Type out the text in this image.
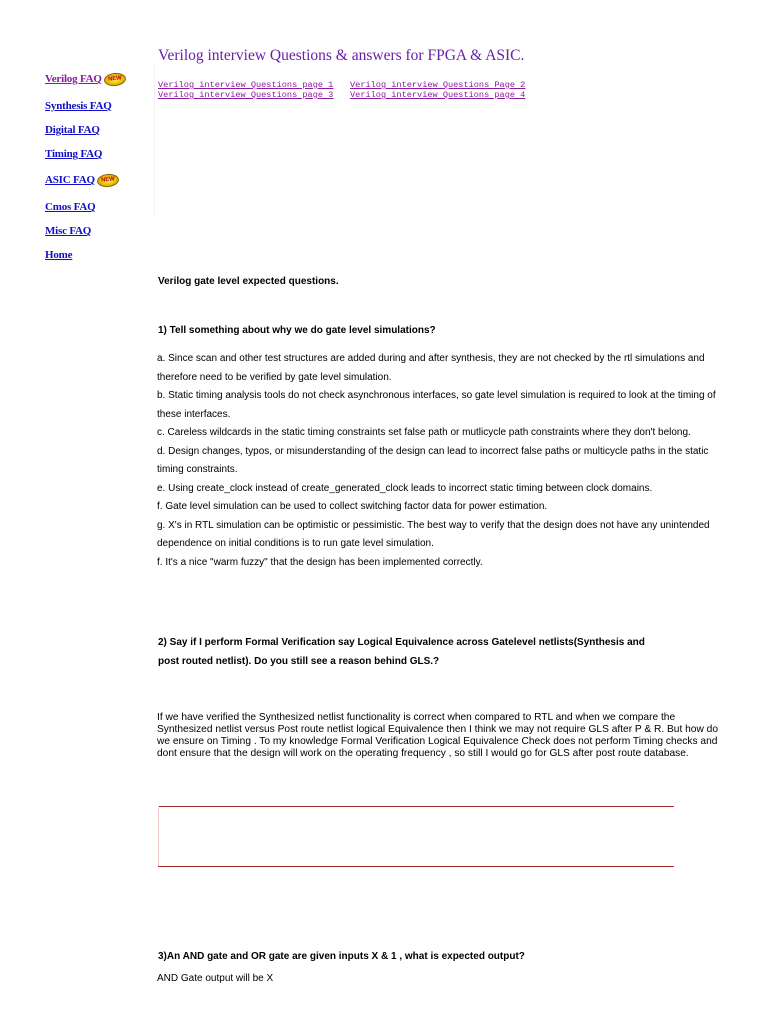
Verilog FAQ NEW
Synthesis FAQ
Digital FAQ
Timing FAQ
ASIC FAQ NEW
Cmos FAQ
Misc FAQ
Home
Verilog interview Questions & answers for FPGA & ASIC.
Verilog interview Questions page 1 Verilog interview Questions Page 2
Verilog interview Questions page 3 Verilog interview Questions page 4
Verilog gate level expected questions.
1) Tell something about why we do gate level simulations?

a. Since scan and other test structures are added during and after synthesis, they are not checked by the rtl simulations and therefore need to be verified by gate level simulation.

b. Static timing analysis tools do not check asynchronous interfaces, so gate level simulation is required to look at the timing of these interfaces.

c. Careless wildcards in the static timing constraints set false path or mutlicycle path constraints where they don't belong.

d. Design changes, typos, or misunderstanding of the design can lead to incorrect false paths or multicycle paths in the static timing constraints.

e. Using create_clock instead of create_generated_clock leads to incorrect static timing between clock domains.

f. Gate level simulation can be used to collect switching factor data for power estimation.

g. X's in RTL simulation can be optimistic or pessimistic. The best way to verify that the design does not have any unintended dependence on initial conditions is to run gate level simulation.

f. It's a nice "warm fuzzy" that the design has been implemented correctly.

2) Say if I perform Formal Verification say Logical Equivalence across Gatelevel netlists(Synthesis and
post routed netlist). Do you still see a reason behind GLS.?
If we have verified the Synthesized netlist functionality is correct when compared to RTL and when we compare the Synthesized netlist versus Post route netlist logical Equivalence then I think we may not require GLS after P & R. But how do we ensure on Timing . To my knowledge Formal Verification Logical Equivalence Check does not perform Timing checks and dont ensure that the design will work on the operating frequency , so still I would go for GLS after post route database.
3)An AND gate and OR gate are given inputs X & 1 , what is expected output?
AND Gate output will be X
